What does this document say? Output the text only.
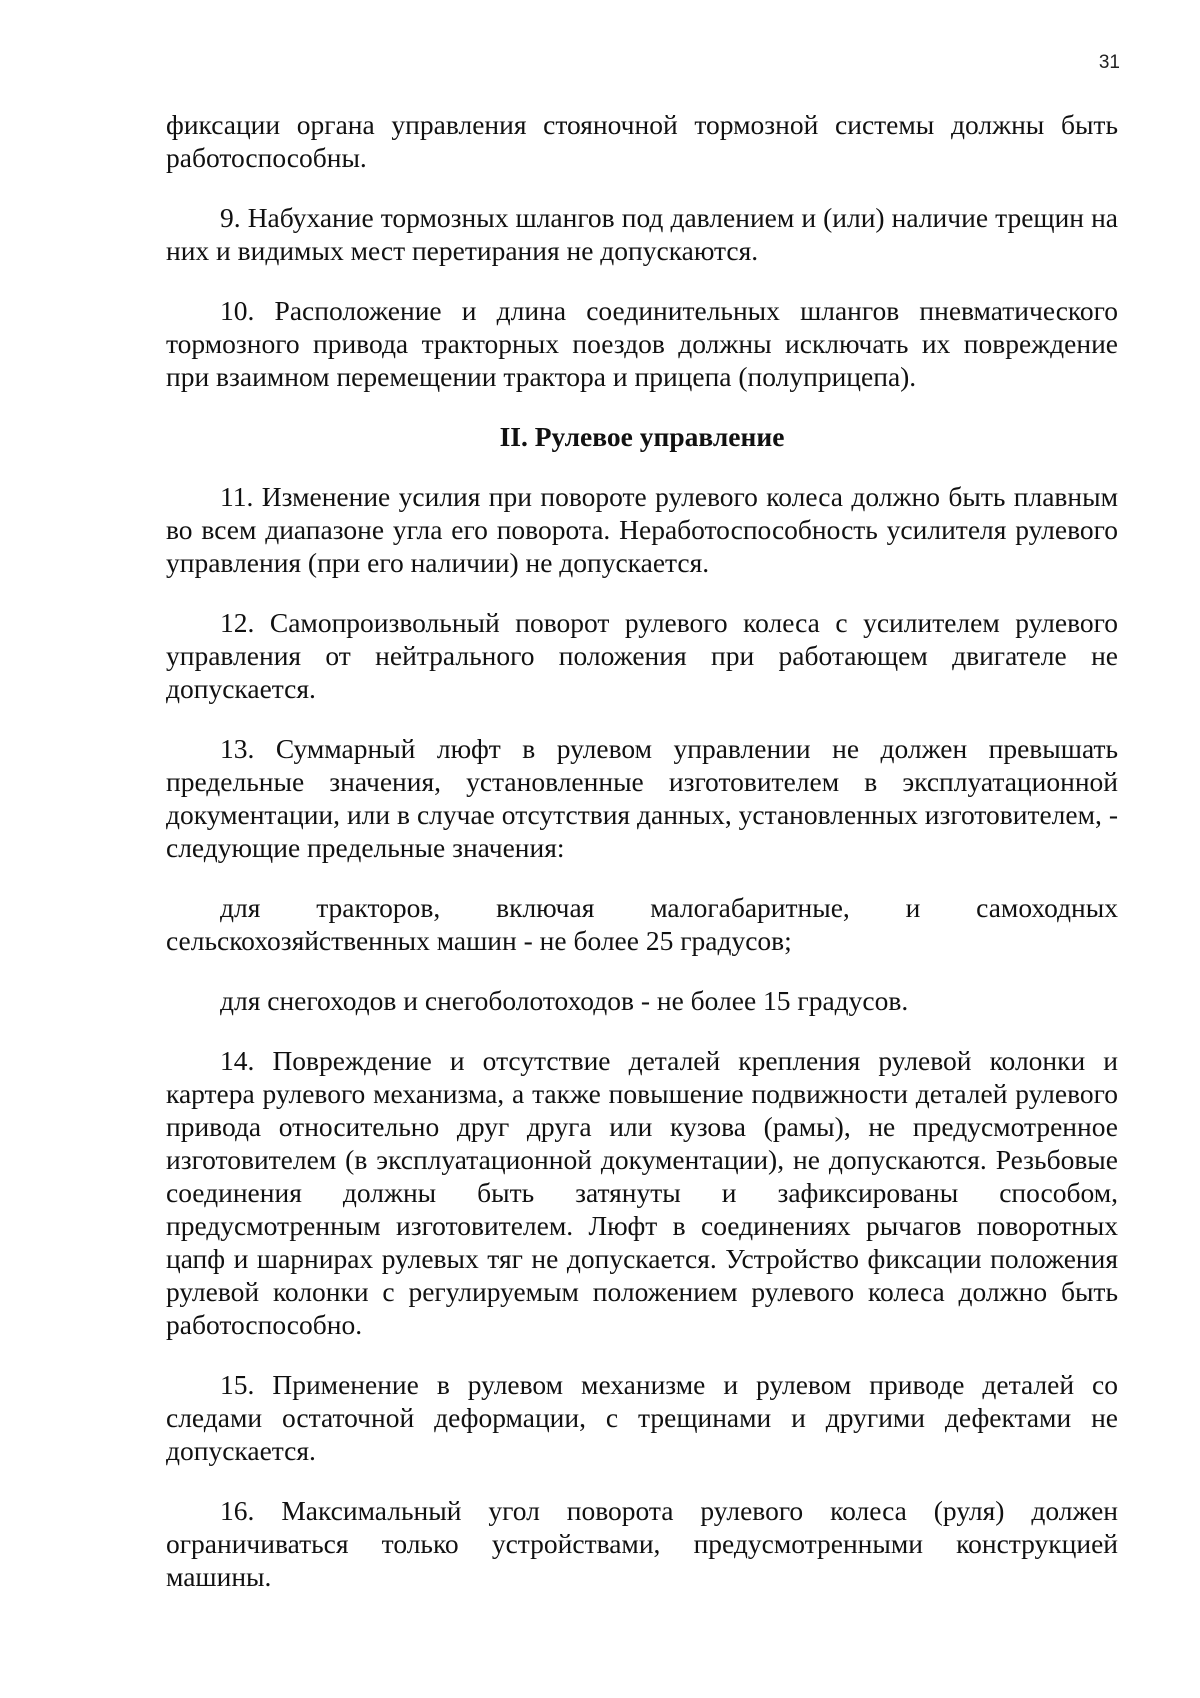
31

фиксации органа управления стояночной тормозной системы должны быть
работоспособны.

9. Набухание тормозных шлангов под давлением и (или) наличие трещин на них и видимых мест перетирания не допускаются.

10. Расположение и длина соединительных шлангов пневматического тормозного привода тракторных поездов должны исключать их повреждение при взаимном перемещении трактора и прицепа (полуприцепа).

II. Рулевое управление

11. Изменение усилия при повороте рулевого колеса должно быть плавным во всем диапазоне угла его поворота. Неработоспособность усилителя рулевого управления (при его наличии) не допускается.

12. Самопроизвольный поворот рулевого колеса с усилителем рулевого управления от нейтрального положения при работающем двигателе не допускается.

13. Суммарный люфт в рулевом управлении не должен превышать предельные значения, установленные изготовителем в эксплуатационной документации, или в случае отсутствия данных, установленных изготовителем, - следующие предельные значения:

для тракторов, включая малогабаритные, и самоходных сельскохозяйственных машин - не более 25 градусов;

для снегоходов и снегоболотоходов - не более 15 градусов.

14. Повреждение и отсутствие деталей крепления рулевой колонки и картера рулевого механизма, а также повышение подвижности деталей рулевого привода относительно друг друга или кузова (рамы), не предусмотренное изготовителем (в эксплуатационной документации), не допускаются. Резьбовые соединения должны быть затянуты и зафиксированы способом, предусмотренным изготовителем. Люфт в соединениях рычагов поворотных цапф и шарнирах рулевых тяг не допускается. Устройство фиксации положения рулевой колонки с регулируемым положением рулевого колеса должно быть работоспособно.

15. Применение в рулевом механизме и рулевом приводе деталей со следами остаточной деформации, с трещинами и другими дефектами не допускается.

16. Максимальный угол поворота рулевого колеса (руля) должен ограничиваться только устройствами, предусмотренными конструкцией машины.
